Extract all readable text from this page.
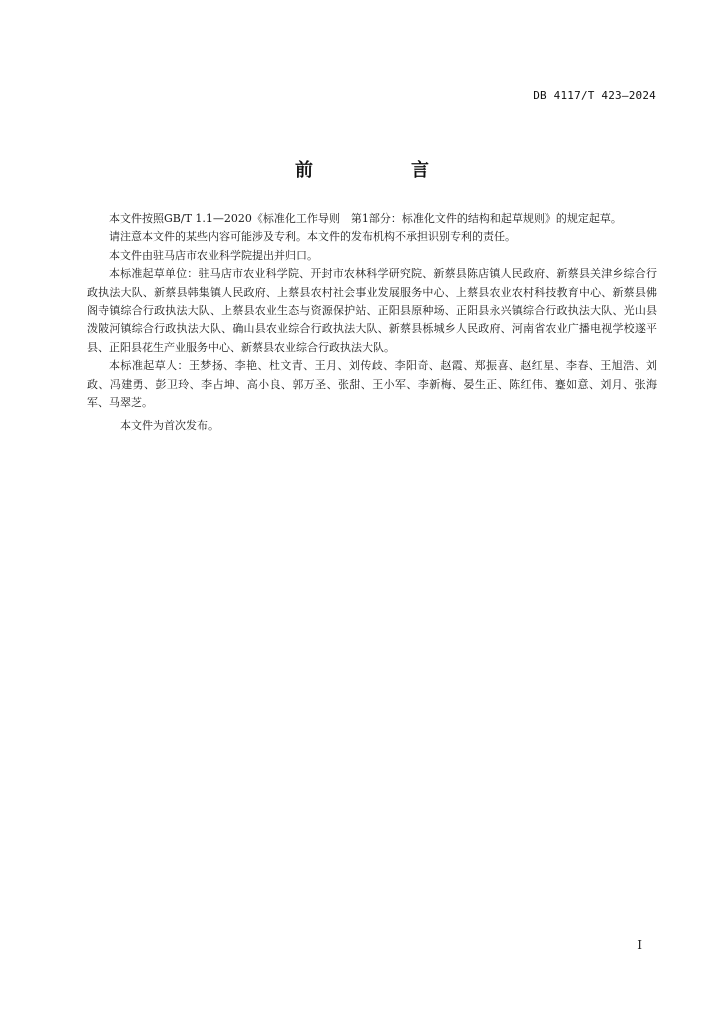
DB 4117/T 423—2024
前　言

本文件按照GB/T 1.1—2020《标准化工作导则　第1部分：标准化文件的结构和起草规则》的规定起草。

请注意本文件的某些内容可能涉及专利。本文件的发布机构不承担识别专利的责任。

本文件由驻马店市农业科学院提出并归口。

本标准起草单位：驻马店市农业科学院、开封市农林科学研究院、新蔡县陈店镇人民政府、新蔡县关津乡综合行政执法大队、新蔡县韩集镇人民政府、上蔡县农村社会事业发展服务中心、上蔡县农业农村科技教育中心、新蔡县佛阁寺镇综合行政执法大队、上蔡县农业生态与资源保护站、正阳县原种场、正阳县永兴镇综合行政执法大队、光山县泼陂河镇综合行政执法大队、确山县农业综合行政执法大队、新蔡县栎城乡人民政府、河南省农业广播电视学校遂平县、正阳县花生产业服务中心、新蔡县农业综合行政执法大队。

本标准起草人：王梦扬、李艳、杜文青、王月、刘传歧、李阳奇、赵霞、郑振喜、赵红星、李春、王旭浩、刘政、冯建勇、彭卫玲、李占坤、高小良、郭万圣、张甜、王小军、李新梅、晏生正、陈红伟、蹇如意、刘月、张海军、马翠芝。

本文件为首次发布。

I
